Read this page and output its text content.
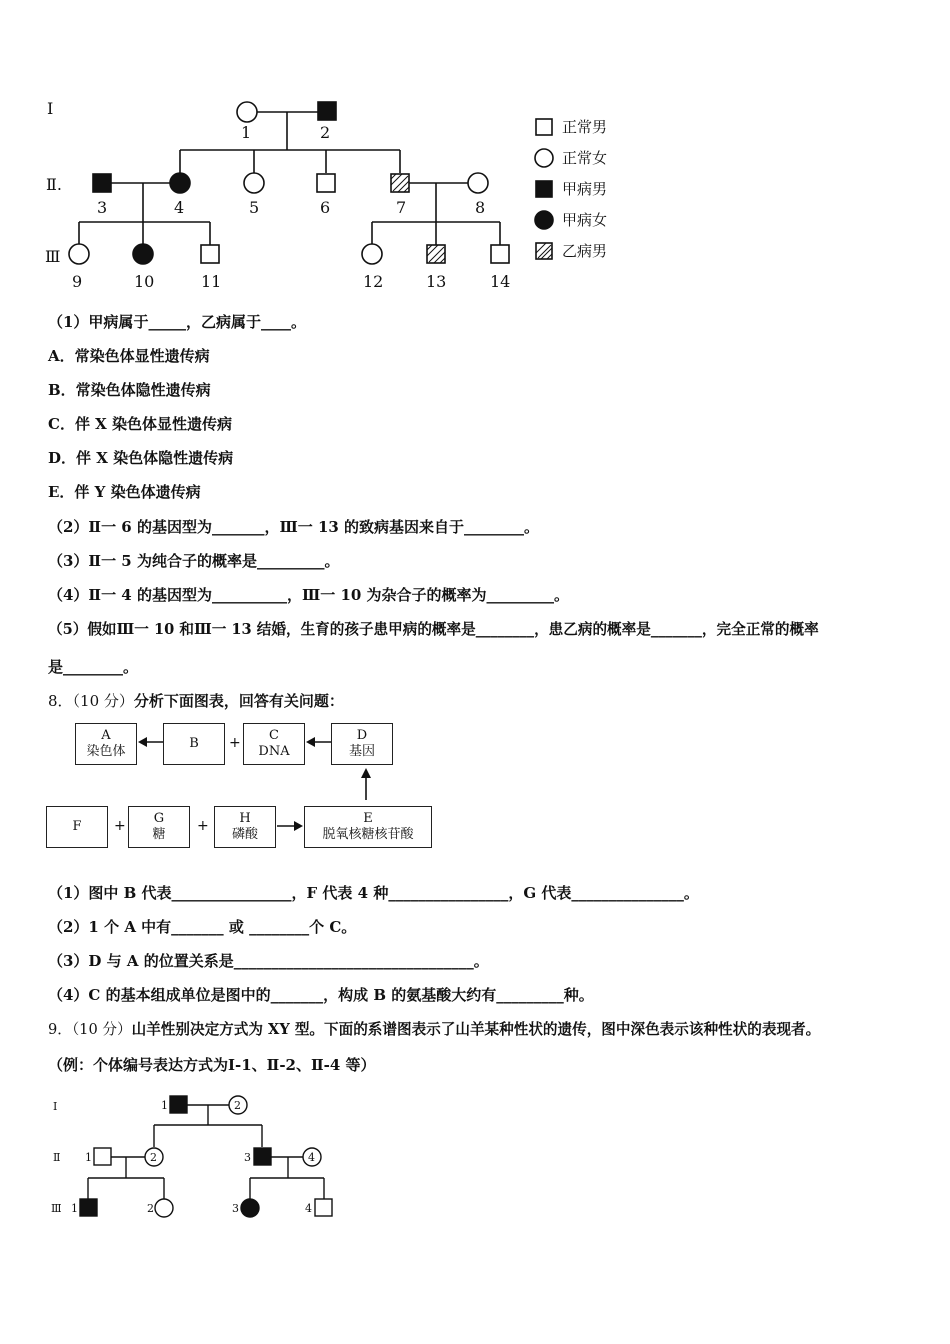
Ⅰ
Ⅱ.
Ⅲ
1	2
3	4	5	6	7	8
9	10	11	12	13	14
正常男
正常女
甲病男
甲病女
乙病男
（1）甲病属于_____，乙病属于____。
A．常染色体显性遗传病
B．常染色体隐性遗传病
C．伴 X 染色体显性遗传病
D．伴 X 染色体隐性遗传病
E．伴 Y 染色体遗传病
（2）Ⅱ一 6 的基因型为_______，Ⅲ一 13 的致病基因来自于________。
（3）Ⅱ一 5 为纯合子的概率是_________。
（4）Ⅱ一 4 的基因型为__________，Ⅲ一 10 为杂合子的概率为_________。
（5）假如Ⅲ一 10 和Ⅲ一 13 结婚，生育的孩子患甲病的概率是________，患乙病的概率是_______，完全正常的概率
是________。
8．（10 分）分析下面图表，回答有关问题：
A
染色体
B	+	C
DNA
D
基因
F	+	G
糖
+	H
磷酸
E
脱氧核糖核苷酸
（1）图中 B 代表________________，F 代表 4 种________________，G 代表_______________。
（2）1 个 A 中有_______ 或 ________个 C。
（3）D 与 A 的位置关系是________________________________。
（4）C 的基本组成单位是图中的_______，构成 B 的氨基酸大约有_________种。
9．（10 分）山羊性别决定方式为 XY 型。下面的系谱图表示了山羊某种性状的遗传，图中深色表示该种性状的表现者。
（例：个体编号表达方式为Ⅰ-1、Ⅱ-2、Ⅱ-4 等）
Ⅰ
Ⅱ
Ⅲ
1	2
1	2	3	4
1	2	3	4
